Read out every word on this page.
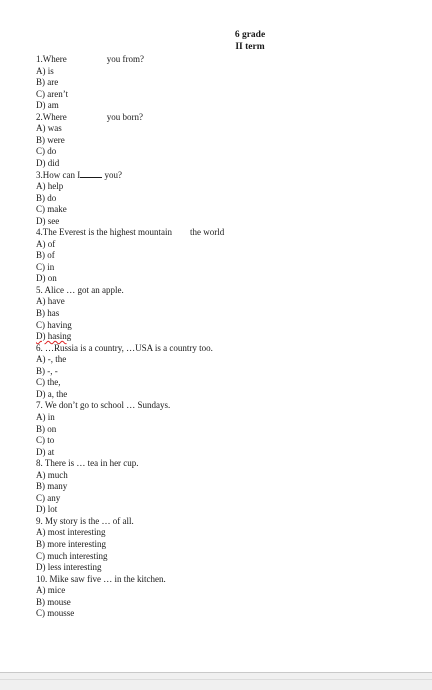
6 grade
II term
1.Where	you from?
A) is
B) are
C) aren’t
D) am
2.Where	you born?
A) was
B) were
C) do
D) did
3.How can I	you?
A) help
B) do
C) make
D) see
4.The Everest is the highest mountain the world
A) of
B) of
C) in
D) on
5. Alice … got an apple.
A) have
B) has
C) having
D) hasing
6. …Russia is a country, …USA is a country too.
A) -, the
B) -, -
C) the,
D) a, the
7. We don’t go to school … Sundays.
A) in
B) on
C) to
D) at
8. There is … tea in her cup.
A) much
B) many
C) any
D) lot
9. My story is the … of all.
A) most interesting
B) more interesting
C) much interesting
D) less interesting
10. Mike saw five … in the kitchen.
A) mice
B) mouse
C) mousse
